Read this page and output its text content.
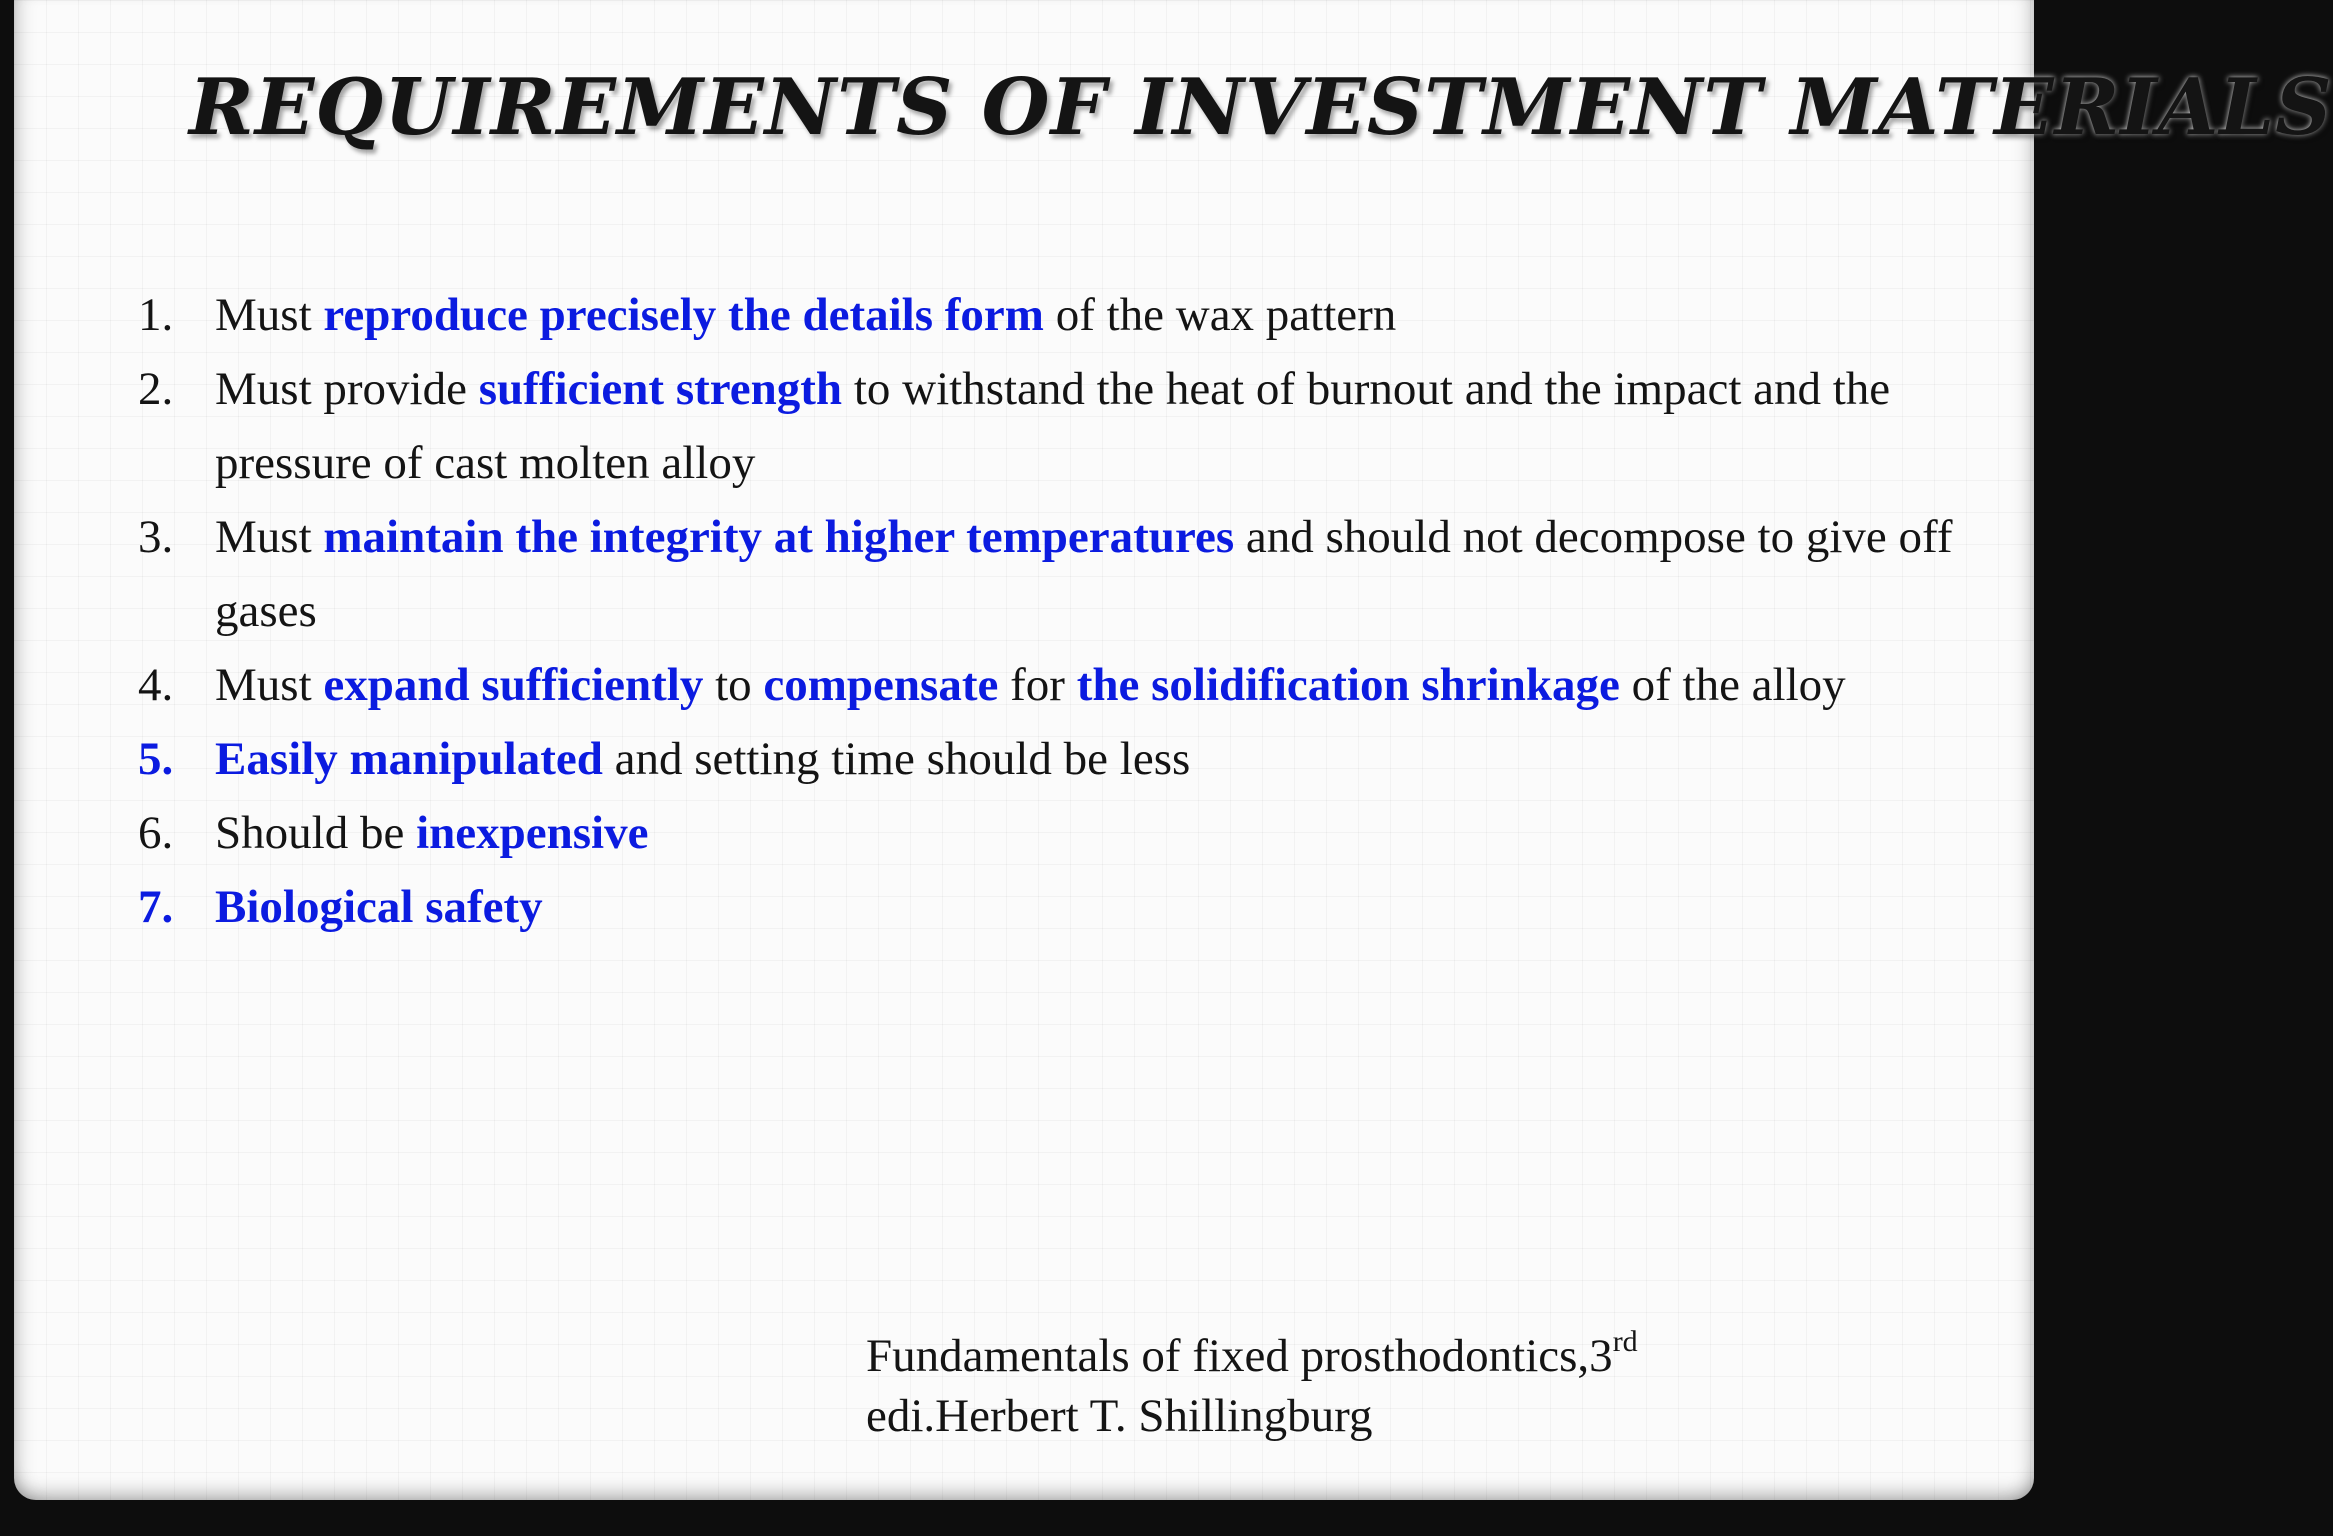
REQUIREMENTS OF INVESTMENT MATERIALS
1. Must reproduce precisely the details form of the wax pattern
2. Must provide sufficient strength to withstand the heat of burnout and the impact and the pressure of cast molten alloy
3. Must maintain the integrity at higher temperatures and should not decompose to give off gases
4. Must expand sufficiently to compensate for the solidification shrinkage of the alloy
5. Easily manipulated and setting time should be less
6. Should be inexpensive
7. Biological safety
Fundamentals of fixed prosthodontics,3rd
edi.Herbert T. Shillingburg
